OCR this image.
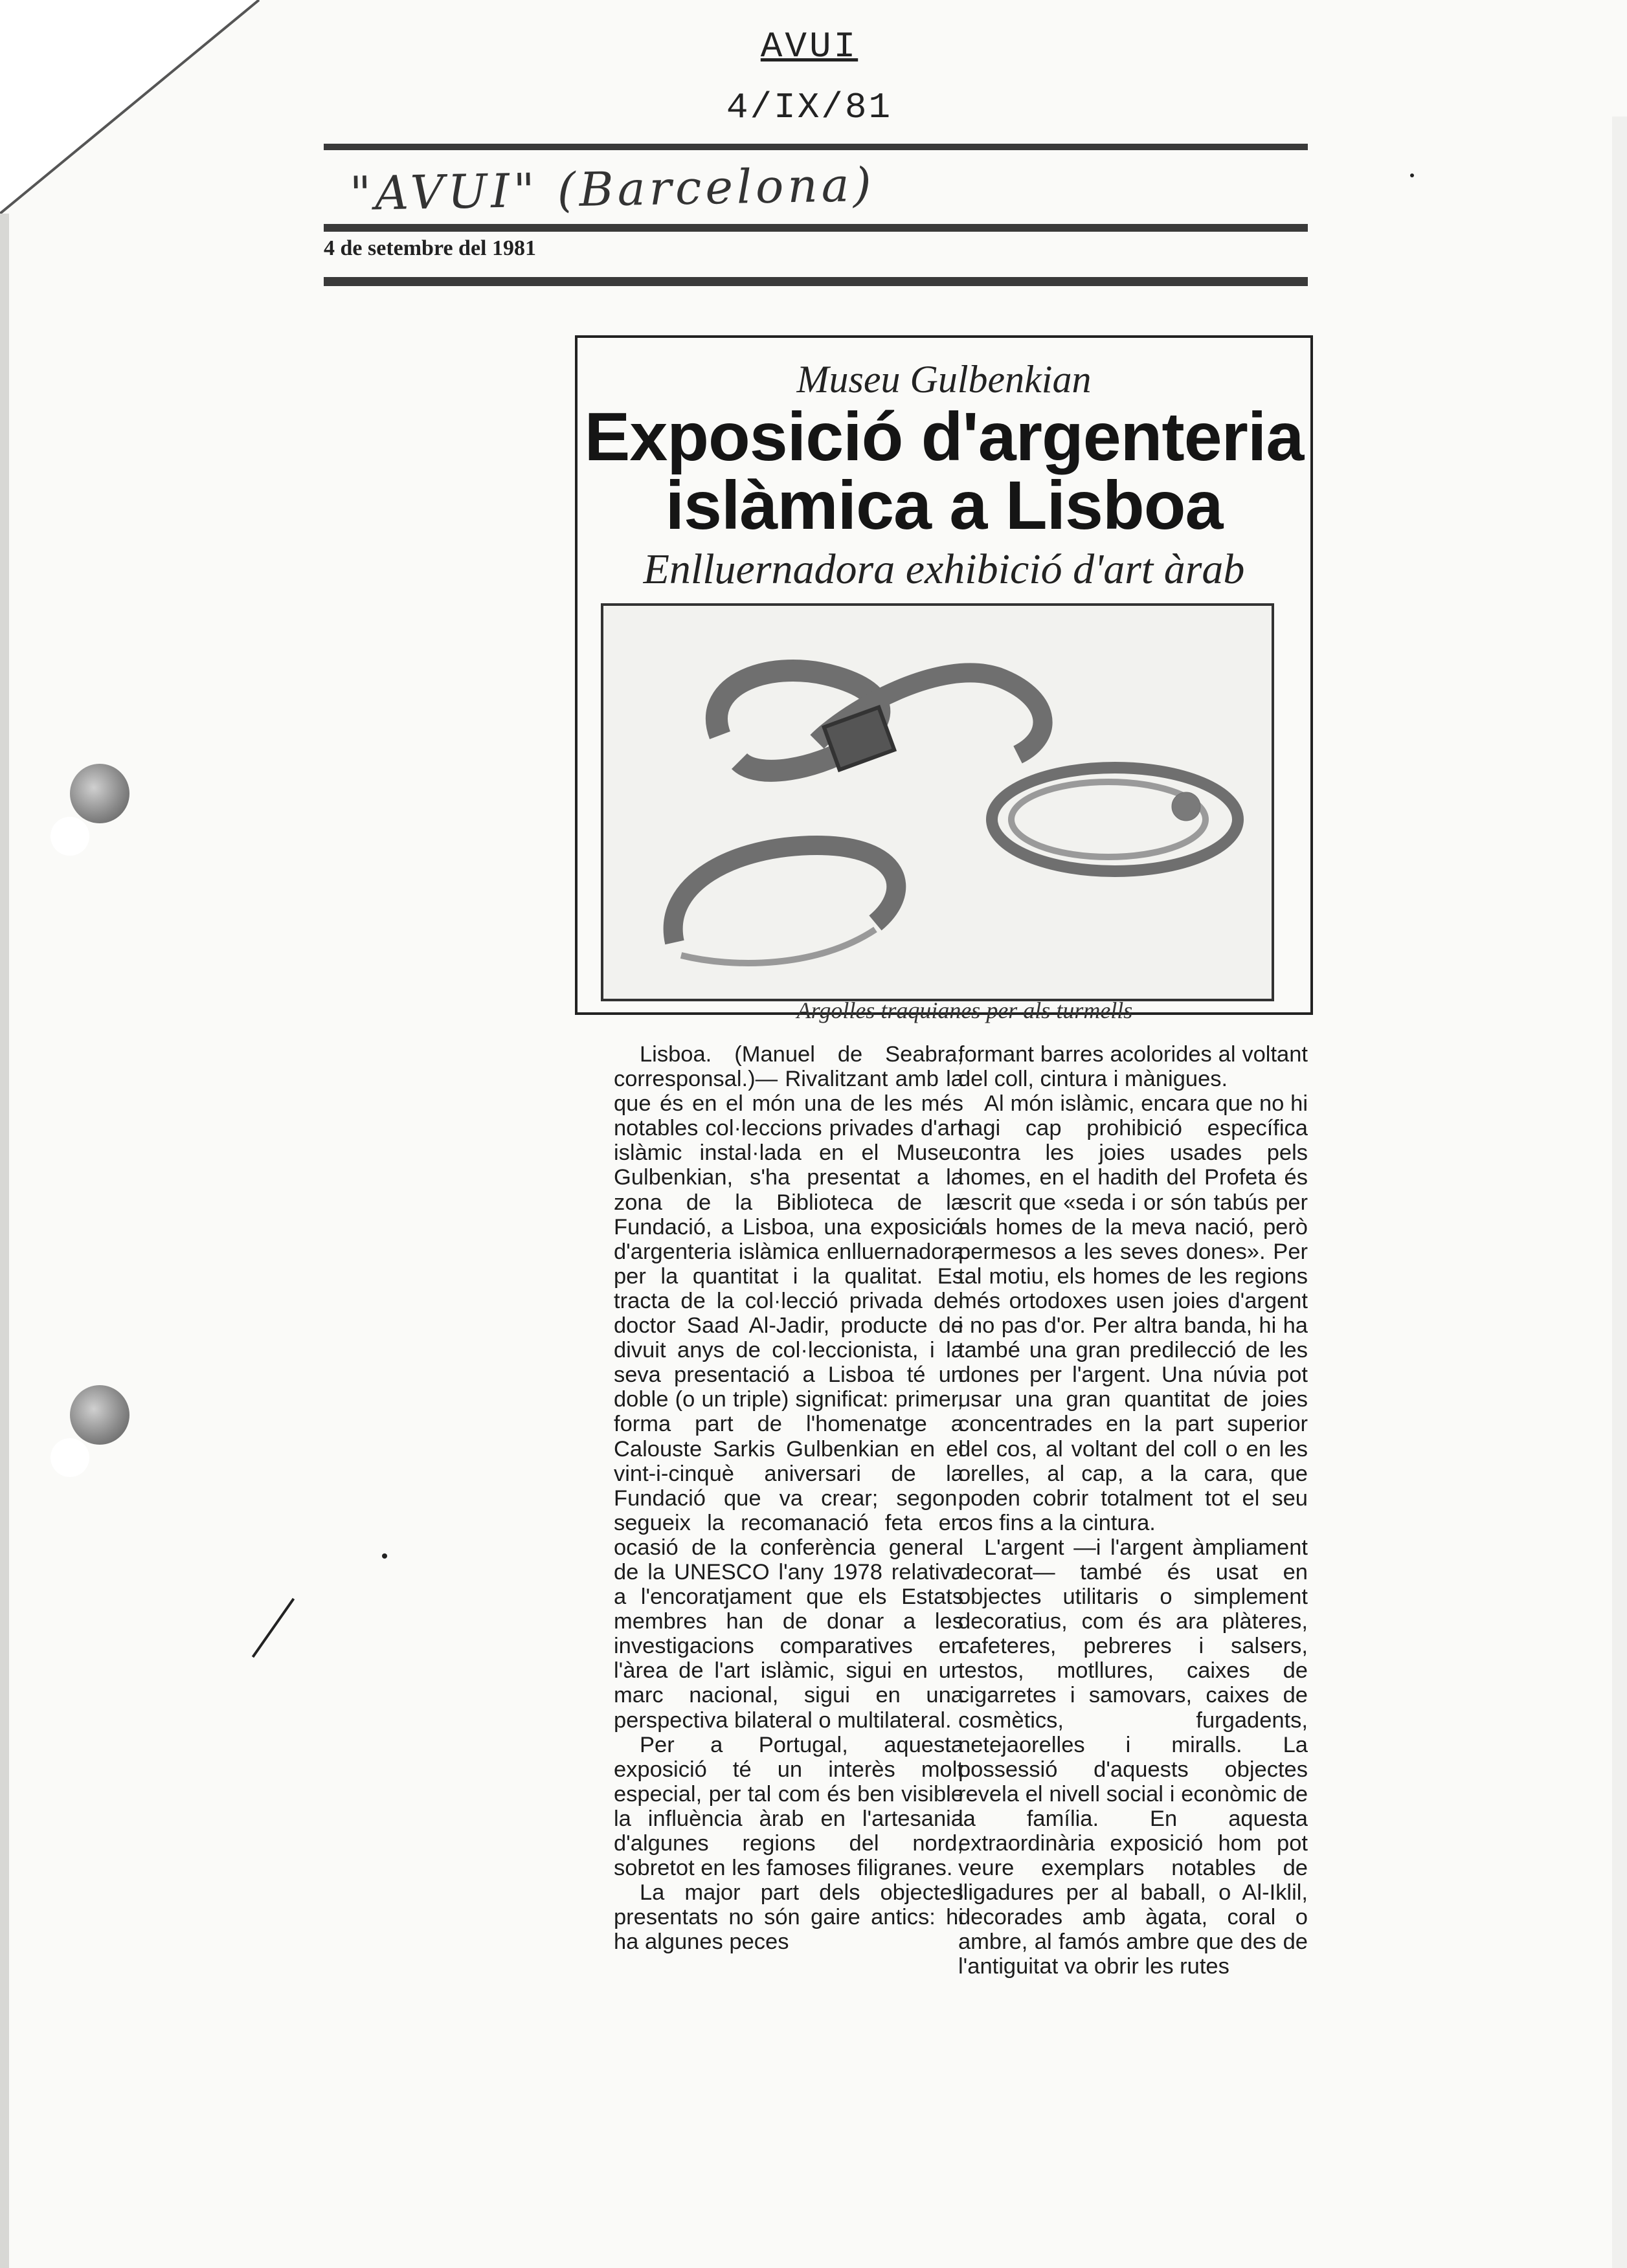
AVUI
4/IX/81
"AVUI" (Barcelona)
4 de setembre del 1981
Museu Gulbenkian
Exposició d'argenteria
islàmica a Lisboa
Enlluernadora exhibició d'art àrab
Argolles traquianes per als turmells

Lisboa. (Manuel de Seabra, corresponsal.)— Rivalitzant amb la que és en el món una de les més notables col·leccions privades d'art islàmic instal·lada en el Museu Gulbenkian, s'ha presentat a la zona de la Biblioteca de la Fundació, a Lisboa, una exposició d'argenteria islàmica enlluernadora per la quantitat i la qualitat. Es tracta de la col·lecció privada del doctor Saad Al-Jadir, producte de divuit anys de col·leccionista, i la seva presentació a Lisboa té un doble (o un triple) significat: primer, forma part de l'homenatge a Calouste Sarkis Gulbenkian en el vint-i-cinquè aniversari de la Fundació que va crear; segon, segueix la recomanació feta en ocasió de la conferència general de la UNESCO l'any 1978 relativa a l'encoratjament que els Estats membres han de donar a les investigacions comparatives en l'àrea de l'art islàmic, sigui en un marc nacional, sigui en una perspectiva bilateral o multilateral.

Per a Portugal, aquesta exposició té un interès molt especial, per tal com és ben visible la influència àrab en l'artesania d'algunes regions del nord, sobretot en les famoses filigranes.

La major part dels objectes presentats no són gaire antics: hi ha algunes peces

formant barres acolorides al voltant del coll, cintura i mànigues.

Al món islàmic, encara que no hi hagi cap prohibició específica contra les joies usades pels homes, en el hadith del Profeta és escrit que «seda i or són tabús per als homes de la meva nació, però permesos a les seves dones». Per tal motiu, els homes de les regions més ortodoxes usen joies d'argent i no pas d'or. Per altra banda, hi ha també una gran predilecció de les dones per l'argent. Una núvia pot usar una gran quantitat de joies concentrades en la part superior del cos, al voltant del coll o en les orelles, al cap, a la cara, que poden cobrir totalment tot el seu cos fins a la cintura.

L'argent —i l'argent àmpliament decorat— també és usat en objectes utilitaris o simplement decoratius, com és ara plàteres, cafeteres, pebreres i salsers, testos, motllures, caixes de cigarretes i samovars, caixes de cosmètics, furgadents, netejaorelles i miralls. La possessió d'aquests objectes revela el nivell social i econòmic de la família. En aquesta extraordinària exposició hom pot veure exemplars notables de lligadures per al baball, o Al-Iklil, decorades amb àgata, coral o ambre, al famós ambre que des de l'antiguitat va obrir les rutes
